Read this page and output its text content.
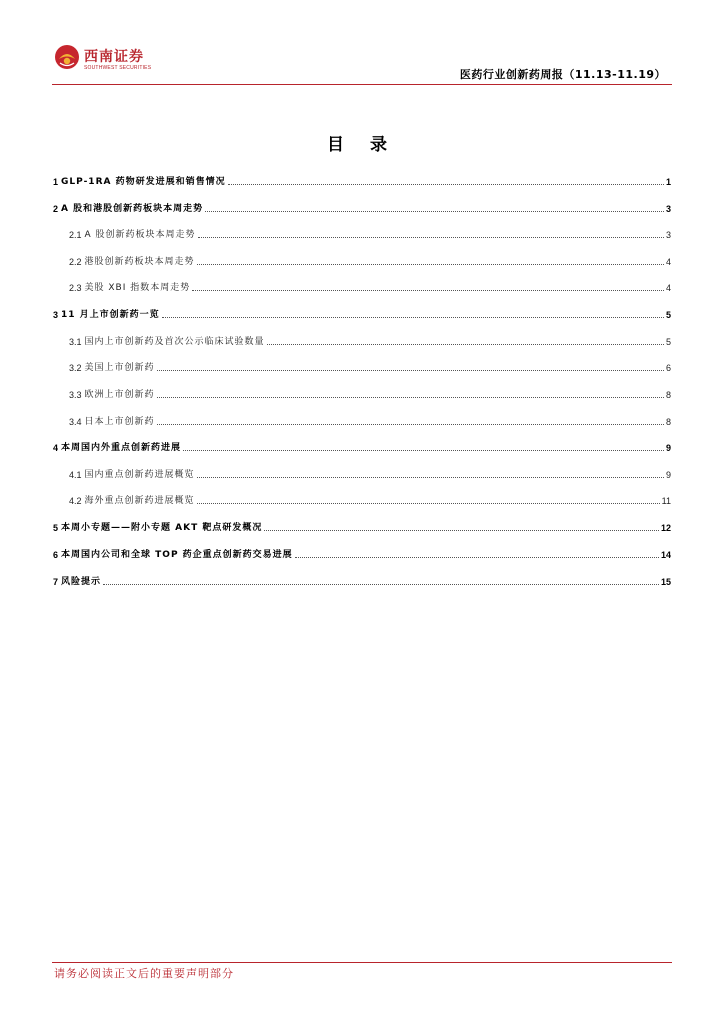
西南证券
SOUTHWEST SECURITIES	医药行业创新药周报（11.13-11.19）
目 录
1 GLP-1RA 药物研发进展和销售情况	1
2 A 股和港股创新药板块本周走势	3
2.1 A 股创新药板块本周走势	3
2.2 港股创新药板块本周走势	4
2.3 美股 XBI 指数本周走势	4
3 11 月上市创新药一览	5
3.1 国内上市创新药及首次公示临床试验数量	5
3.2 美国上市创新药	6
3.3 欧洲上市创新药	8
3.4 日本上市创新药	8
4 本周国内外重点创新药进展	9
4.1 国内重点创新药进展概览	9
4.2 海外重点创新药进展概览	11
5 本周小专题——附小专题 AKT 靶点研发概况	12
6 本周国内公司和全球 TOP 药企重点创新药交易进展	14
7 风险提示	15
请务必阅读正文后的重要声明部分
